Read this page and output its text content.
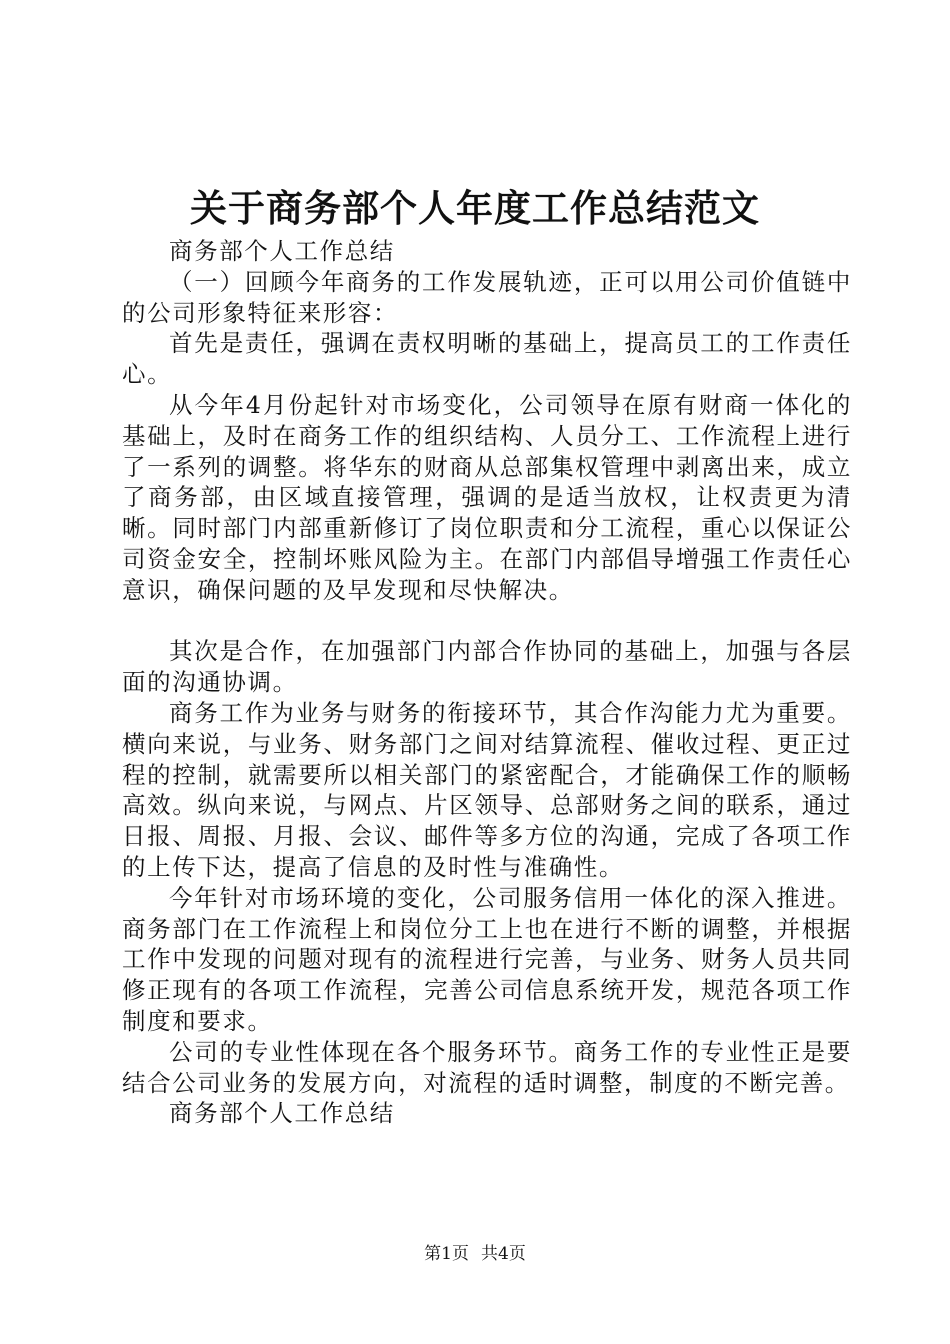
关于商务部个人年度工作总结范文

商务部个人工作总结

（一）回顾今年商务的工作发展轨迹，正可以用公司价值链中的公司形象特征来形容：

首先是责任，强调在责权明晰的基础上，提高员工的工作责任心。

从今年4月份起针对市场变化，公司领导在原有财商一体化的基础上，及时在商务工作的组织结构、人员分工、工作流程上进行了一系列的调整。将华东的财商从总部集权管理中剥离出来，成立了商务部，由区域直接管理，强调的是适当放权，让权责更为清晰。同时部门内部重新修订了岗位职责和分工流程，重心以保证公司资金安全，控制坏账风险为主。在部门内部倡导增强工作责任心意识，确保问题的及早发现和尽快解决。

其次是合作，在加强部门内部合作协同的基础上，加强与各层面的沟通协调。

商务工作为业务与财务的衔接环节，其合作沟能力尤为重要。横向来说，与业务、财务部门之间对结算流程、催收过程、更正过程的控制，就需要所以相关部门的紧密配合，才能确保工作的顺畅高效。纵向来说，与网点、片区领导、总部财务之间的联系，通过日报、周报、月报、会议、邮件等多方位的沟通，完成了各项工作的上传下达，提高了信息的及时性与准确性。

今年针对市场环境的变化，公司服务信用一体化的深入推进。商务部门在工作流程上和岗位分工上也在进行不断的调整，并根据工作中发现的问题对现有的流程进行完善，与业务、财务人员共同修正现有的各项工作流程，完善公司信息系统开发，规范各项工作制度和要求。

公司的专业性体现在各个服务环节。商务工作的专业性正是要结合公司业务的发展方向，对流程的适时调整，制度的不断完善。

商务部个人工作总结

第1页 共4页
